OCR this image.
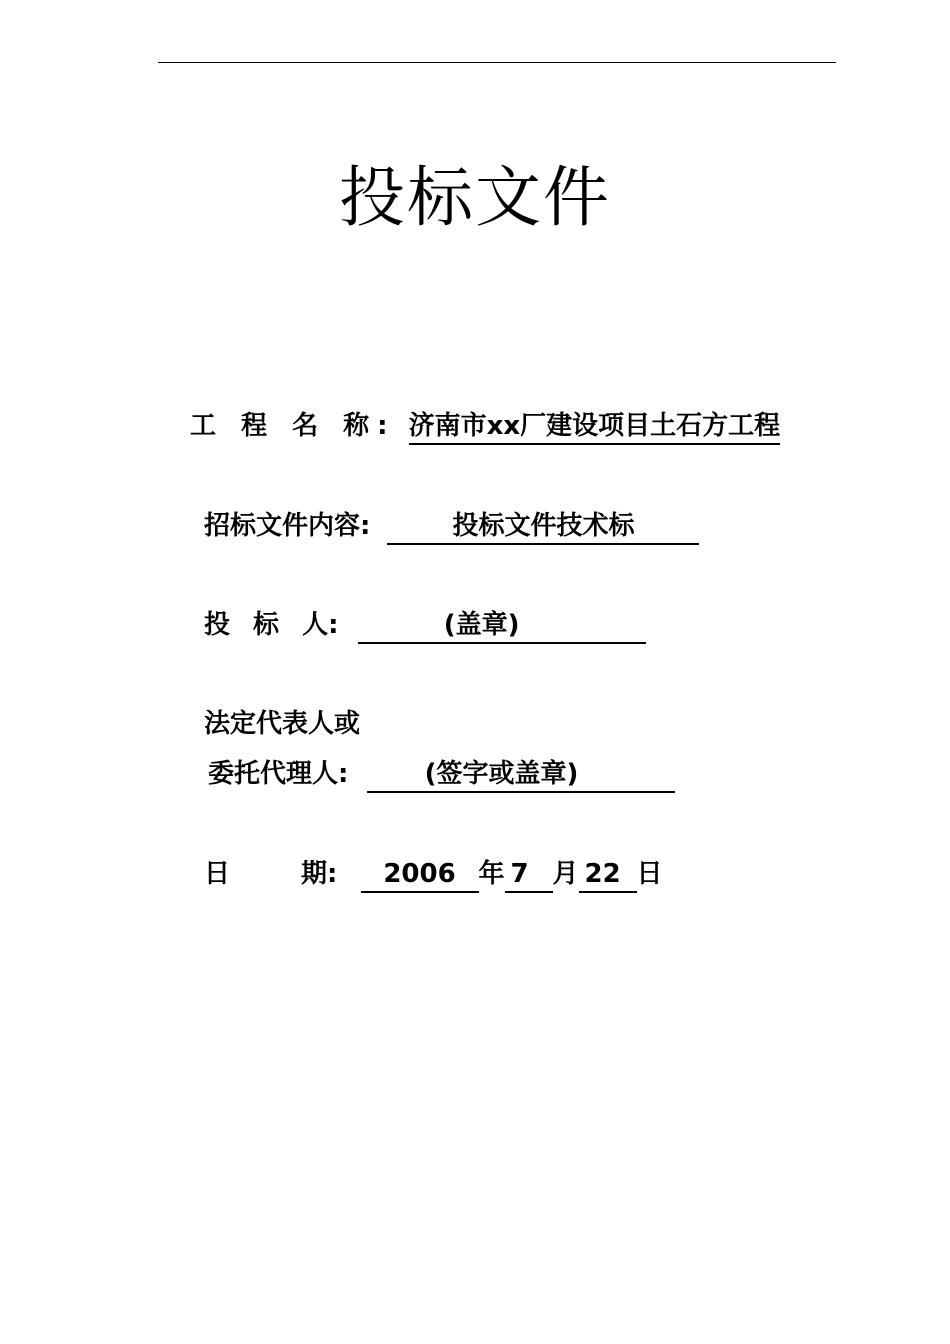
投标文件
工 程 名 称: 济南市xx厂建设项目土石方工程
招标文件内容:	投标文件技术标
投 标 人:	(盖章)
法定代表人或
委托代理人:	(签字或盖章)
日 期: 2006 年 7 月 22 日
